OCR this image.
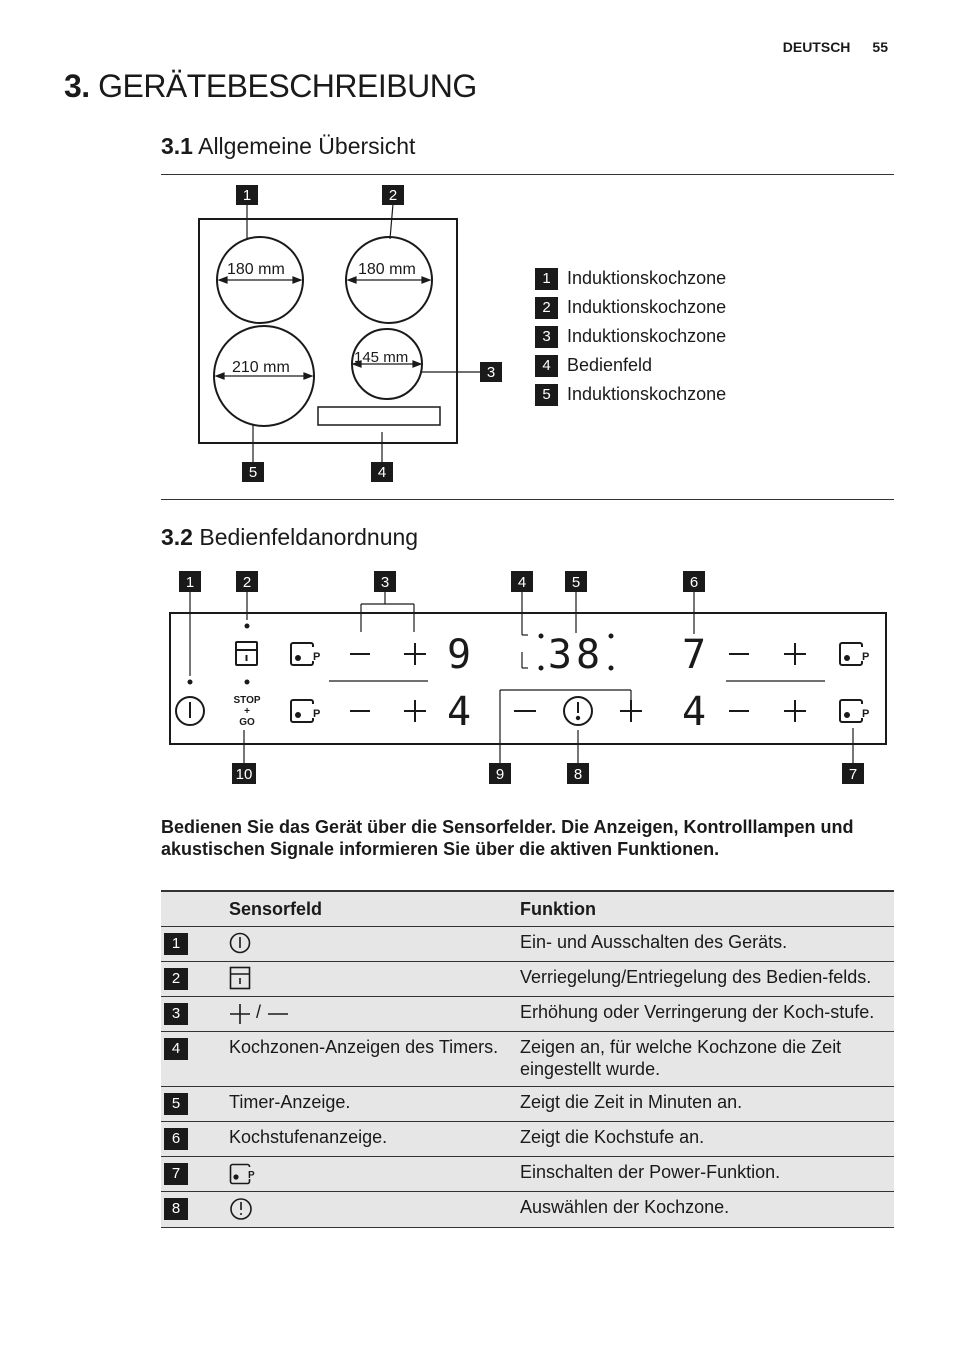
DEUTSCH 55
3. GERÄTEBESCHREIBUNG
3.1 Allgemeine Übersicht
180 mm	180 mm
210 mm
145 mm
1	2
3
4
5
1 Induktionskochzone
2 Induktionskochzone
3 Induktionskochzone
4 Bedienfeld
5 Induktionskochzone
3.2 Bedienfeldanordnung
STOP
+
GO
P
P
P
P
9
4
38 7
4
1	2	3	4	5	6
10	9	8	7
Bedienen Sie das Gerät über die Sensorfelder. Die Anzeigen, Kontrolllampen und akustischen Signale informieren Sie über die aktiven Funktionen.
	Sensorfeld	Funktion
1		Ein- und Ausschalten des Geräts.
2		Verriegelung/Entriegelung des Bedien-felds.
3	/	Erhöhung oder Verringerung der Koch-stufe.
4	Kochzonen-Anzeigen des Timers.	Zeigen an, für welche Kochzone die Zeit eingestellt wurde.
5	Timer-Anzeige.	Zeigt die Zeit in Minuten an.
6	Kochstufenanzeige.	Zeigt die Kochstufe an.
7	P	Einschalten der Power-Funktion.
8		Auswählen der Kochzone.
